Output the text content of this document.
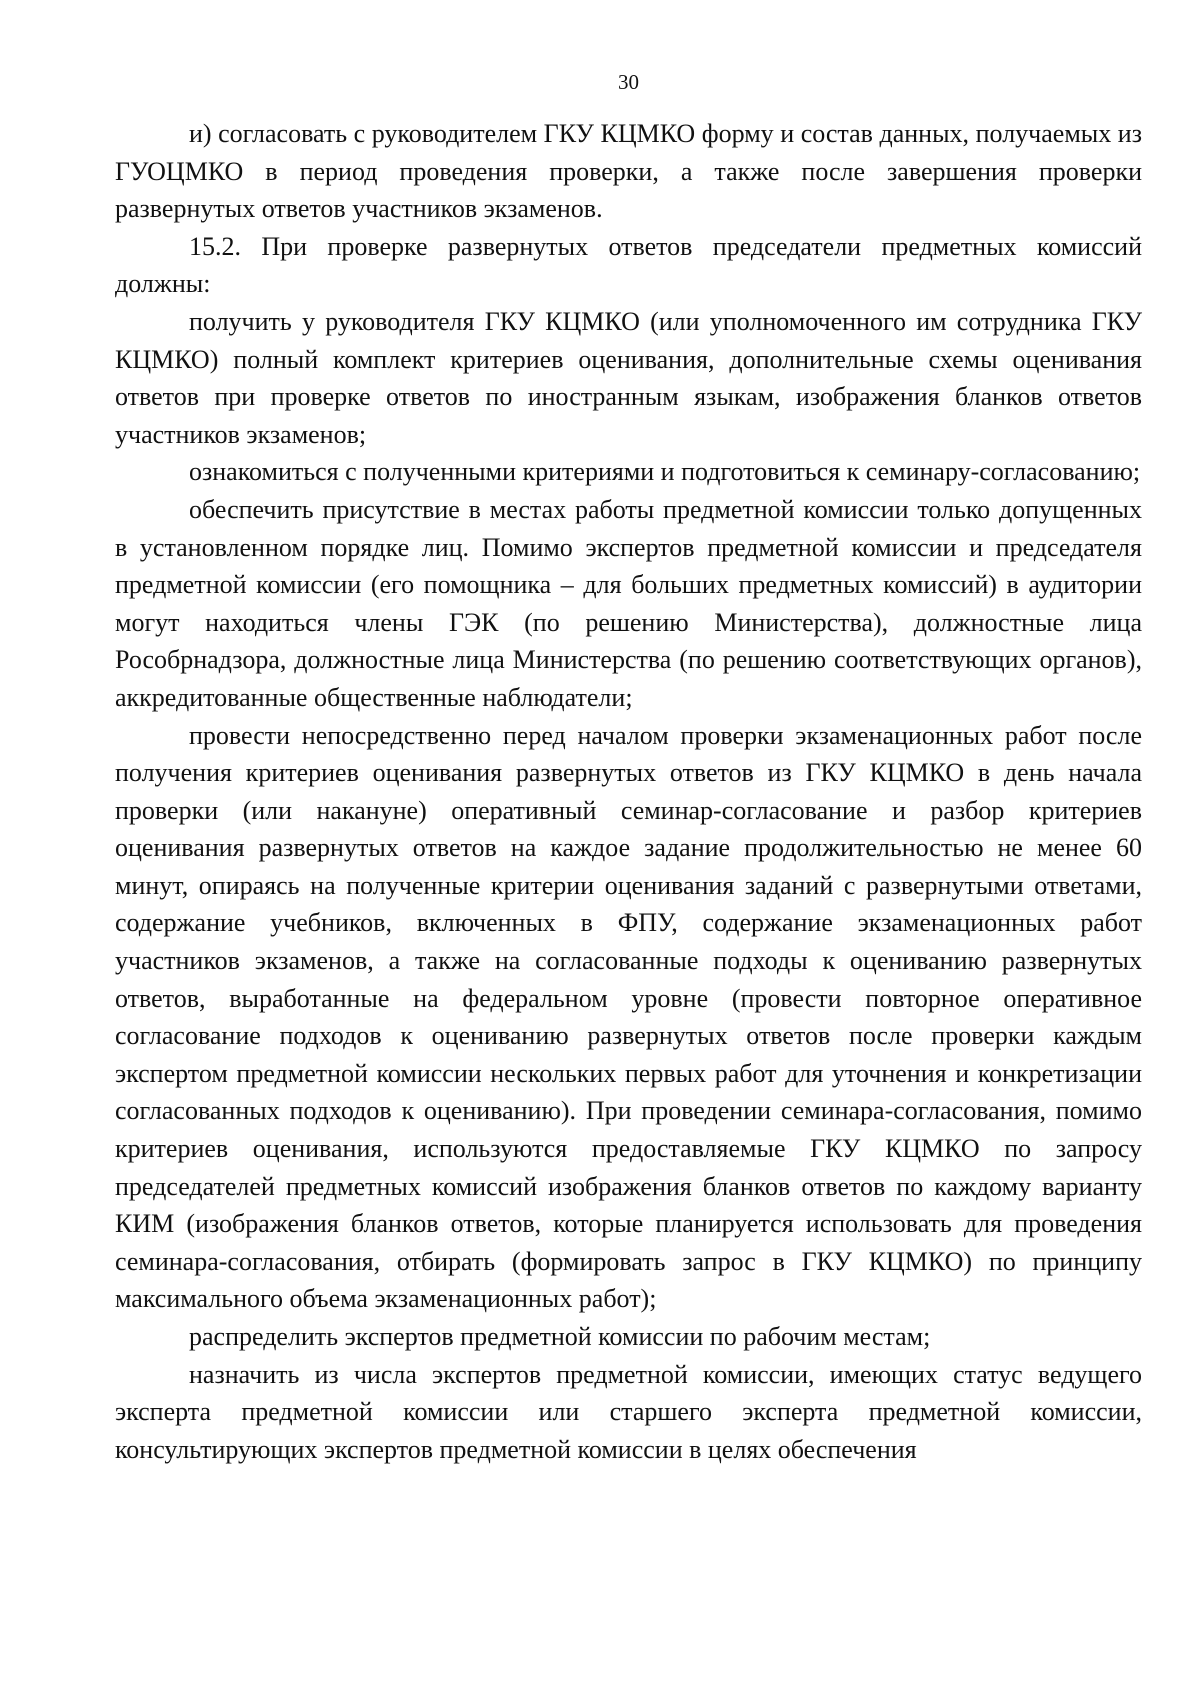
30

и) согласовать с руководителем ГКУ КЦМКО форму и состав данных, получаемых из ГУОЦМКО в период проведения проверки, а также после завершения проверки развернутых ответов участников экзаменов.

15.2. При проверке развернутых ответов председатели предметных комиссий должны:

получить у руководителя ГКУ КЦМКО (или уполномоченного им сотрудника ГКУ КЦМКО) полный комплект критериев оценивания, дополнительные схемы оценивания ответов при проверке ответов по иностранным языкам, изображения бланков ответов участников экзаменов;

ознакомиться с полученными критериями и подготовиться к семинару-согласованию;

обеспечить присутствие в местах работы предметной комиссии только допущенных в установленном порядке лиц. Помимо экспертов предметной комиссии и председателя предметной комиссии (его помощника – для больших предметных комиссий) в аудитории могут находиться члены ГЭК (по решению Министерства), должностные лица Рособрнадзора, должностные лица Министерства (по решению соответствующих органов), аккредитованные общественные наблюдатели;

провести непосредственно перед началом проверки экзаменационных работ после получения критериев оценивания развернутых ответов из ГКУ КЦМКО в день начала проверки (или накануне) оперативный семинар-согласование и разбор критериев оценивания развернутых ответов на каждое задание продолжительностью не менее 60 минут, опираясь на полученные критерии оценивания заданий с развернутыми ответами, содержание учебников, включенных в ФПУ, содержание экзаменационных работ участников экзаменов, а также на согласованные подходы к оцениванию развернутых ответов, выработанные на федеральном уровне (провести повторное оперативное согласование подходов к оцениванию развернутых ответов после проверки каждым экспертом предметной комиссии нескольких первых работ для уточнения и конкретизации согласованных подходов к оцениванию). При проведении семинара-согласования, помимо критериев оценивания, используются предоставляемые ГКУ КЦМКО по запросу председателей предметных комиссий изображения бланков ответов по каждому варианту КИМ (изображения бланков ответов, которые планируется использовать для проведения семинара-согласования, отбирать (формировать запрос в ГКУ КЦМКО) по принципу максимального объема экзаменационных работ);

распределить экспертов предметной комиссии по рабочим местам;

назначить из числа экспертов предметной комиссии, имеющих статус ведущего эксперта предметной комиссии или старшего эксперта предметной комиссии, консультирующих экспертов предметной комиссии в целях обеспечения
